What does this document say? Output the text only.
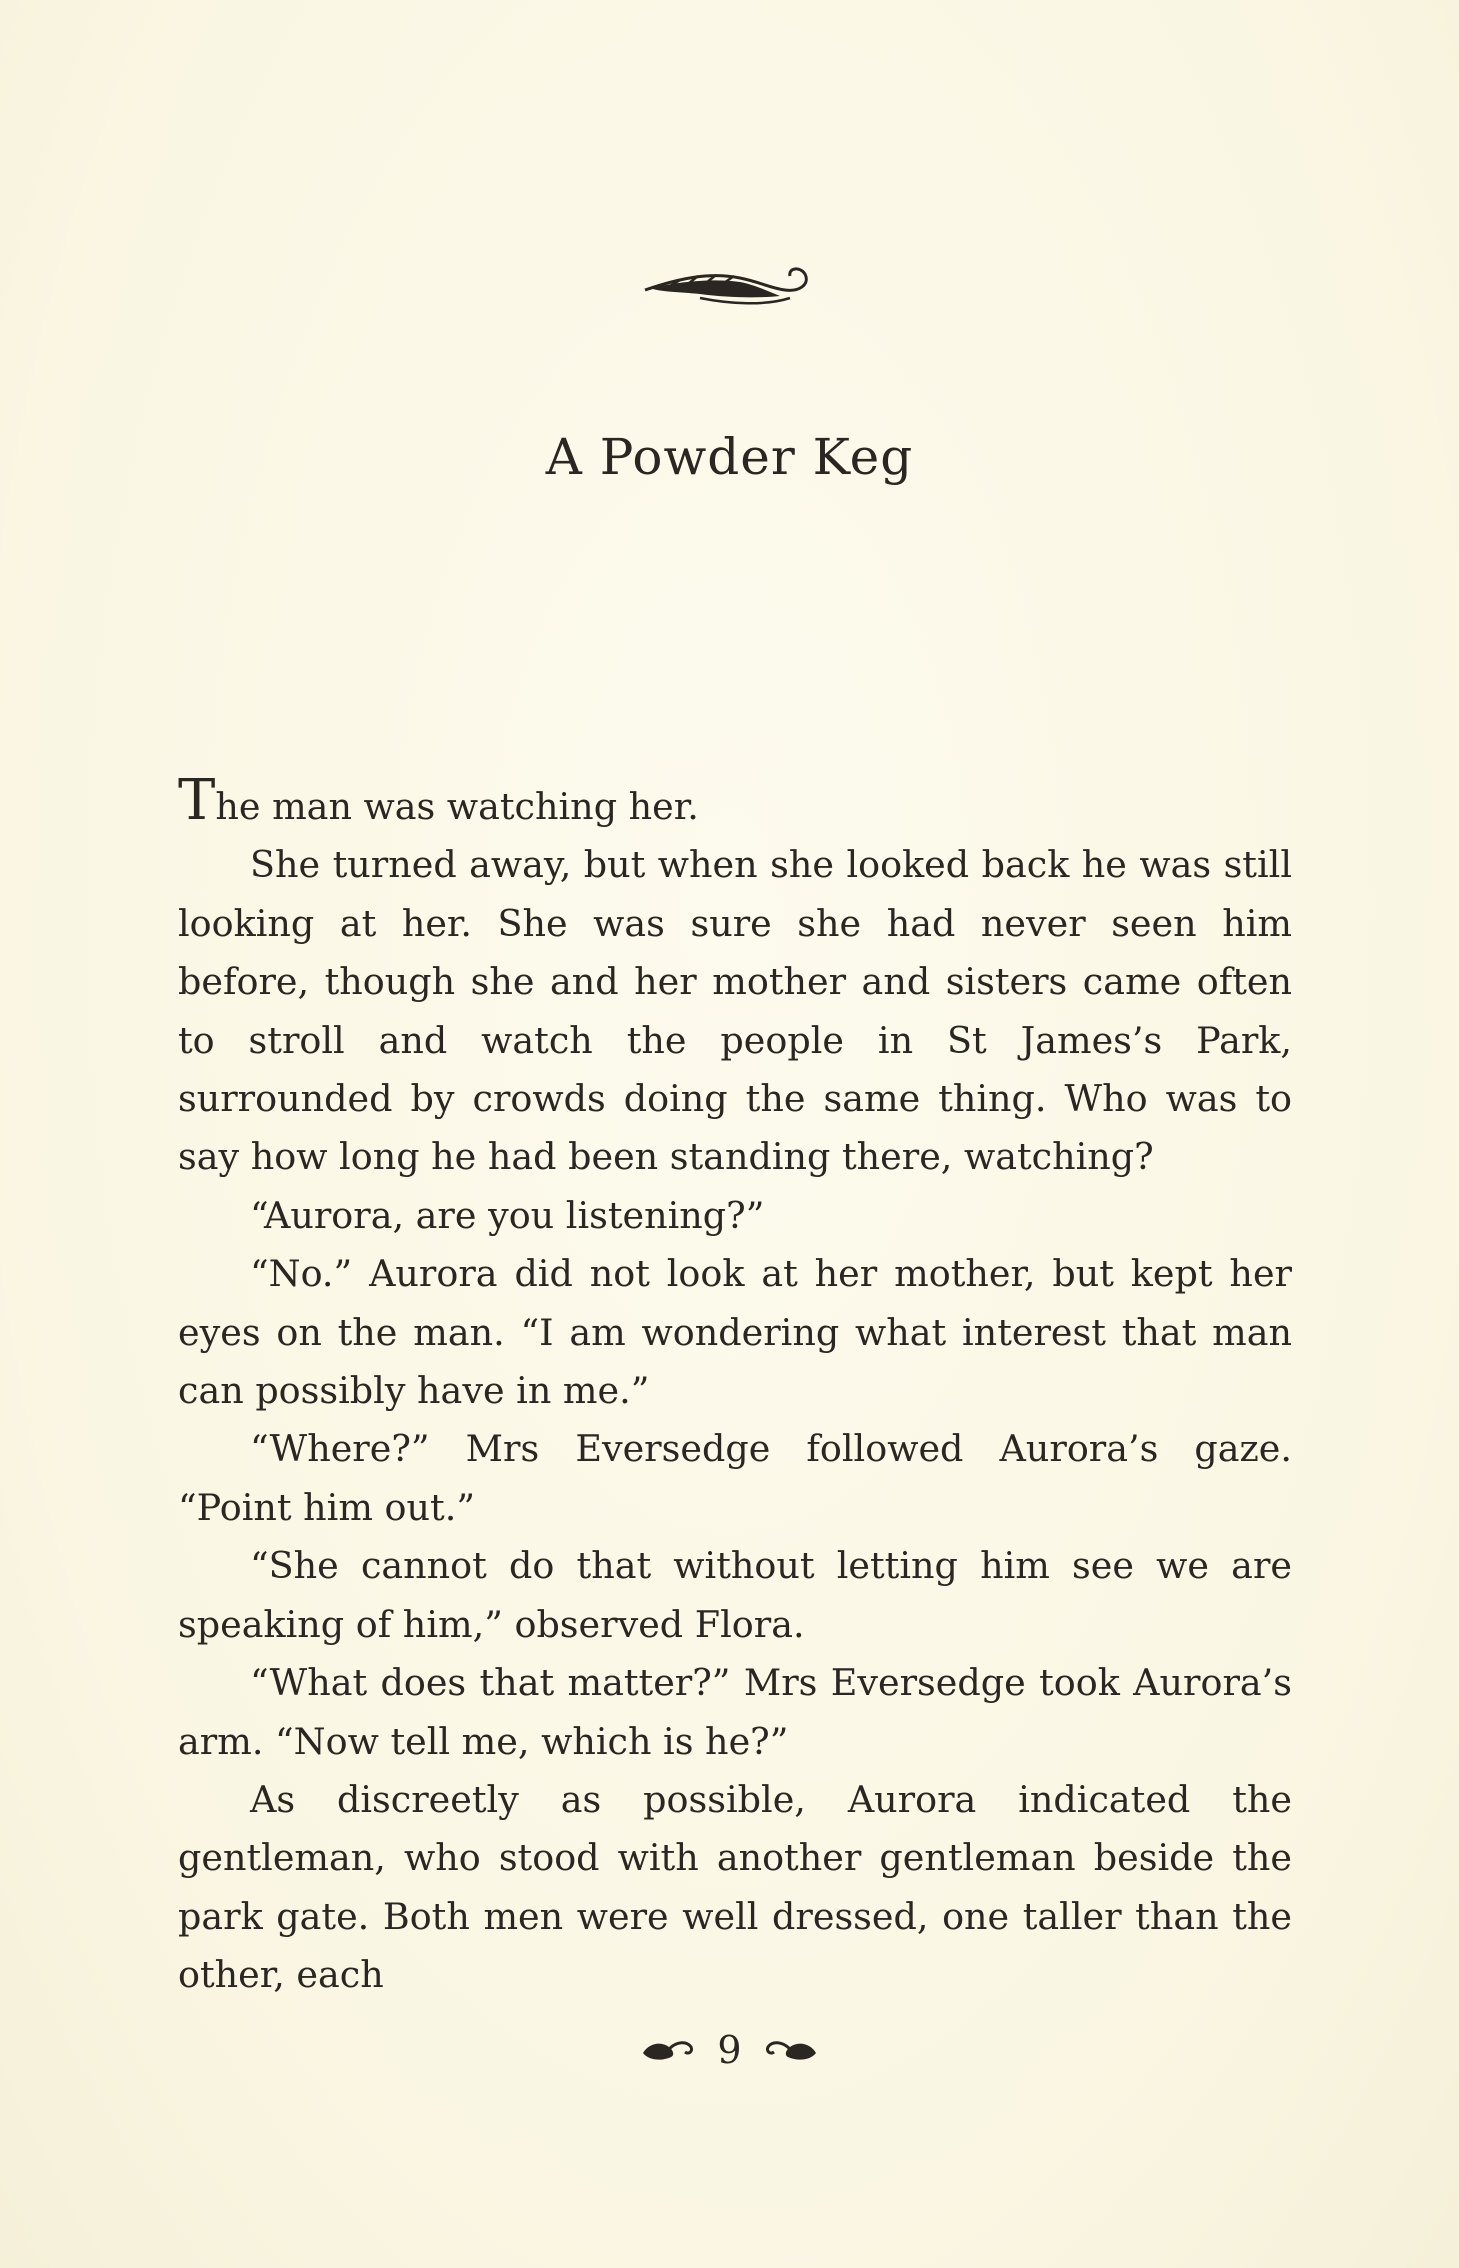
A Powder Keg

The man was watching her.

She turned away, but when she looked back he was still looking at her. She was sure she had never seen him before, though she and her mother and sisters came often to stroll and watch the people in St James’s Park, surrounded by crowds doing the same thing. Who was to say how long he had been standing there, watching?

“Aurora, are you listening?”

“No.” Aurora did not look at her mother, but kept her eyes on the man. “I am wondering what interest that man can possibly have in me.”

“Where?” Mrs Eversedge followed Aurora’s gaze. “Point him out.”

“She cannot do that without letting him see we are speaking of him,” observed Flora.

“What does that matter?” Mrs Eversedge took Aurora’s arm. “Now tell me, which is he?”

As discreetly as possible, Aurora indicated the gentleman, who stood with another gentleman beside the park gate. Both men were well dressed, one taller than the other, each

9
